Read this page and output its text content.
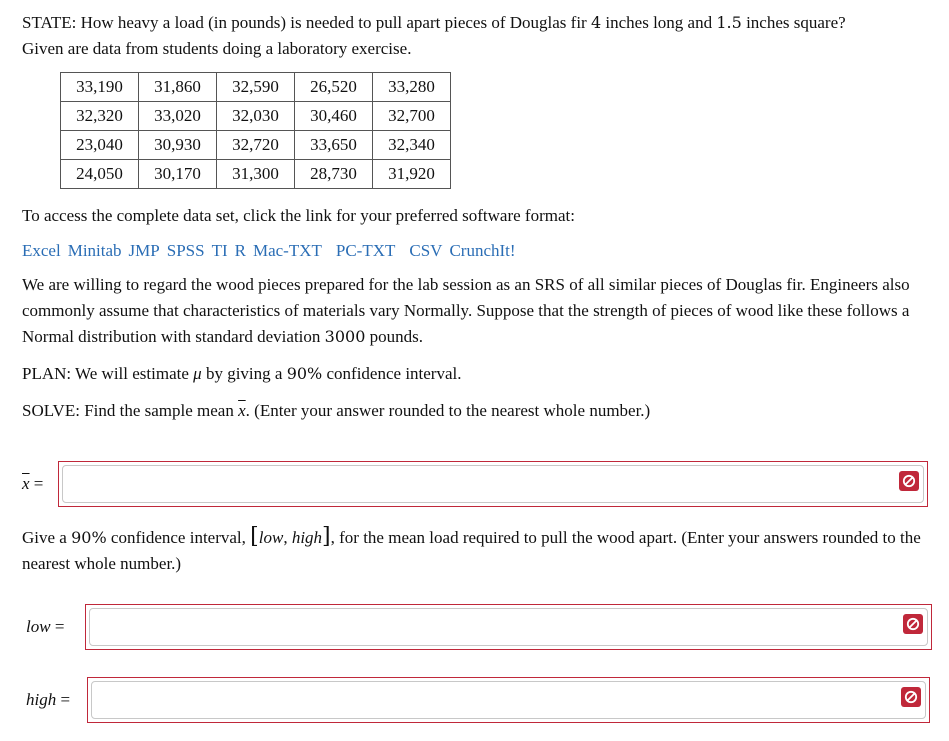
STATE: How heavy a load (in pounds) is needed to pull apart pieces of Douglas fir 4 inches long and 1.5 inches square?
Given are data from students doing a laboratory exercise.

33,190	31,860	32,590	26,520	33,280
32,320	33,020	32,030	30,460	32,700
23,040	30,930	32,720	33,650	32,340
24,050	30,170	31,300	28,730	31,920

To access the complete data set, click the link for your preferred software format:

Excel Minitab JMP SPSS TI R Mac-TXT PC-TXT CSV CrunchIt!

We are willing to regard the wood pieces prepared for the lab session as an SRS of all similar pieces of Douglas fir. Engineers also commonly assume that characteristics of materials vary Normally. Suppose that the strength of pieces of wood like these follows a Normal distribution with standard deviation 3000 pounds.

PLAN: We will estimate μ by giving a 90% confidence interval.

SOLVE: Find the sample mean $\overline{x}$. (Enter your answer rounded to the nearest whole number.)

$\overline{x}$ =

Give a 90% confidence interval, [low, high], for the mean load required to pull the wood apart. (Enter your answers rounded to the nearest whole number.)

low =
high =
